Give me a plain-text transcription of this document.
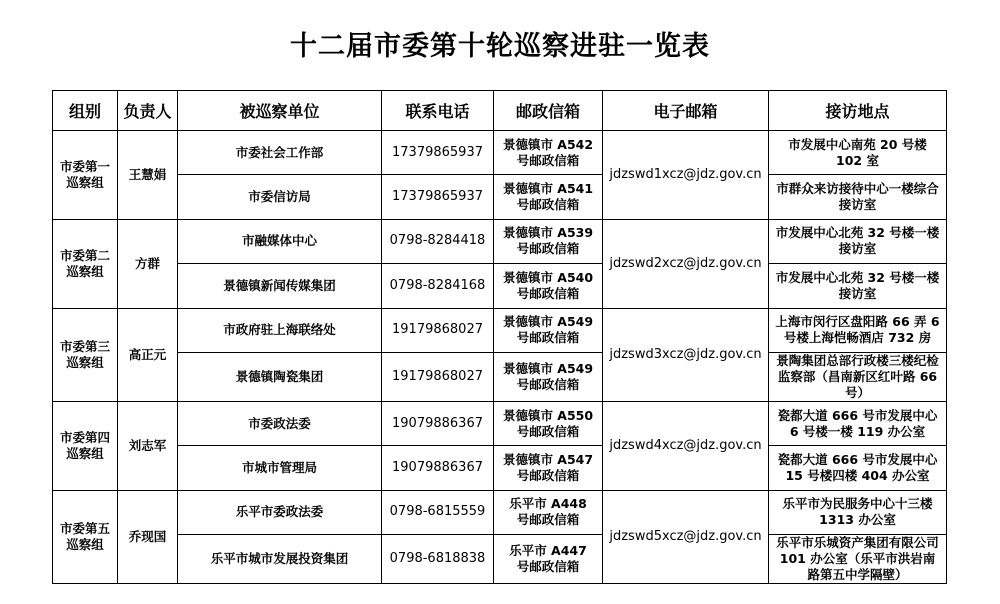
十二届市委第十轮巡察进驻一览表
组别	负责人	被巡察单位	联系电话	邮政信箱	电子邮箱	接访地点
市委第一巡察组	王慧娟	市委社会工作部	17379865937	景德镇市 A542 号邮政信箱	jdzswd1xcz@jdz.gov.cn	市发展中心南苑 20 号楼 102 室
		市委信访局	17379865937	景德镇市 A541 号邮政信箱		市群众来访接待中心一楼综合接访室
市委第二巡察组	方群	市融媒体中心	0798-8284418	景德镇市 A539 号邮政信箱	jdzswd2xcz@jdz.gov.cn	市发展中心北苑 32 号楼一楼接访室
		景德镇新闻传媒集团	0798-8284168	景德镇市 A540 号邮政信箱		市发展中心北苑 32 号楼一楼接访室
市委第三巡察组	高正元	市政府驻上海联络处	19179868027	景德镇市 A549 号邮政信箱	jdzswd3xcz@jdz.gov.cn	上海市闵行区盘阳路 66 弄 6 号楼上海恺畅酒店 732 房
		景德镇陶瓷集团	19179868027	景德镇市 A549 号邮政信箱		景陶集团总部行政楼三楼纪检监察部（昌南新区红叶路 66 号）
市委第四巡察组	刘志军	市委政法委	19079886367	景德镇市 A550 号邮政信箱	jdzswd4xcz@jdz.gov.cn	瓷都大道 666 号市发展中心 6 号楼一楼 119 办公室
		市城市管理局	19079886367	景德镇市 A547 号邮政信箱		瓷都大道 666 号市发展中心 15 号楼四楼 404 办公室
市委第五巡察组	乔现国	乐平市委政法委	0798-6815559	乐平市 A448 号邮政信箱	jdzswd5xcz@jdz.gov.cn	乐平市为民服务中心十三楼 1313 办公室
		乐平市城市发展投资集团	0798-6818838	乐平市 A447 号邮政信箱		乐平市乐城资产集团有限公司 101 办公室（乐平市洪岩南路第五中学隔壁）
